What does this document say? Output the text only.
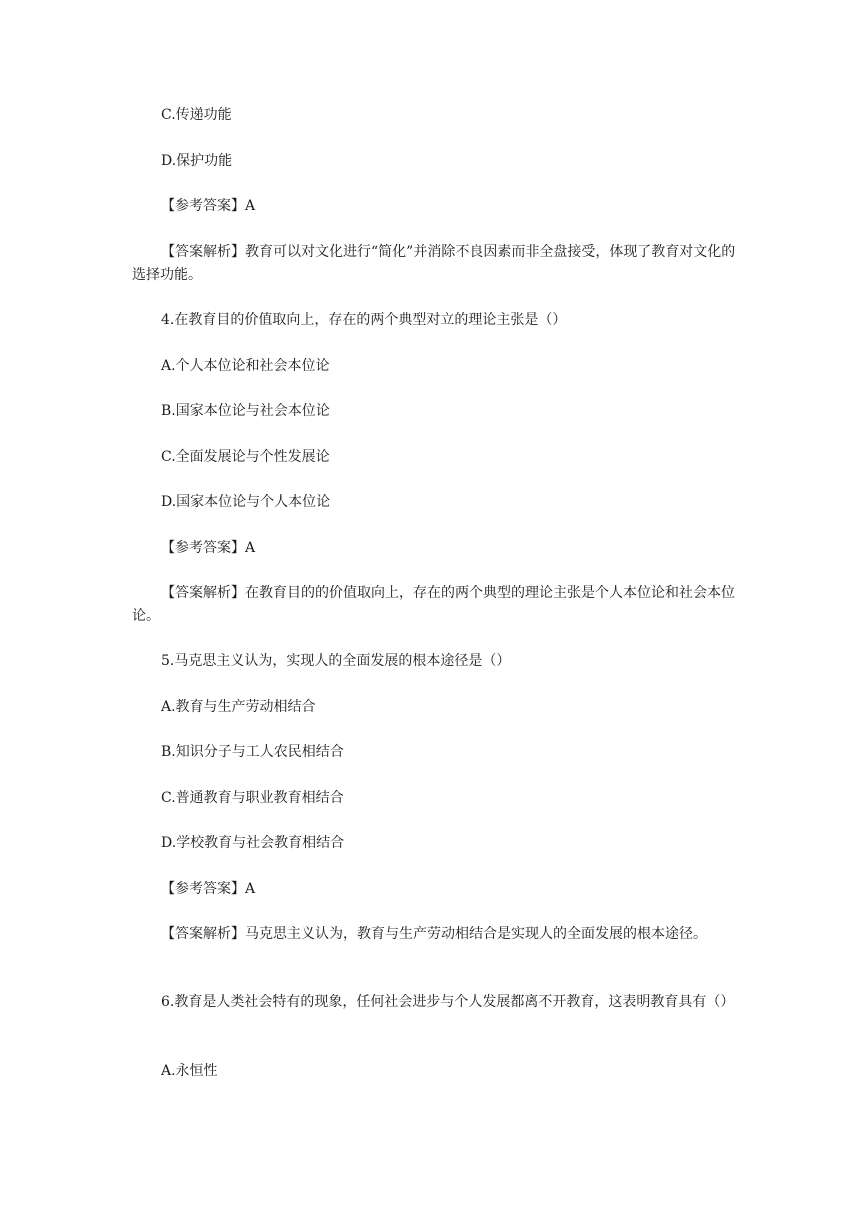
C.传递功能

D.保护功能

【参考答案】A

【答案解析】教育可以对文化进行“简化”并消除不良因素而非全盘接受，体现了教育对文化的选择功能。

4.在教育目的价值取向上，存在的两个典型对立的理论主张是（）

A.个人本位论和社会本位论

B.国家本位论与社会本位论

C.全面发展论与个性发展论

D.国家本位论与个人本位论

【参考答案】A

【答案解析】在教育目的的价值取向上，存在的两个典型的理论主张是个人本位论和社会本位论。

5.马克思主义认为，实现人的全面发展的根本途径是（）

A.教育与生产劳动相结合

B.知识分子与工人农民相结合

C.普通教育与职业教育相结合

D.学校教育与社会教育相结合

【参考答案】A

【答案解析】马克思主义认为，教育与生产劳动相结合是实现人的全面发展的根本途径。

6.教育是人类社会特有的现象，任何社会进步与个人发展都离不开教育，这表明教育具有（）

A.永恒性
